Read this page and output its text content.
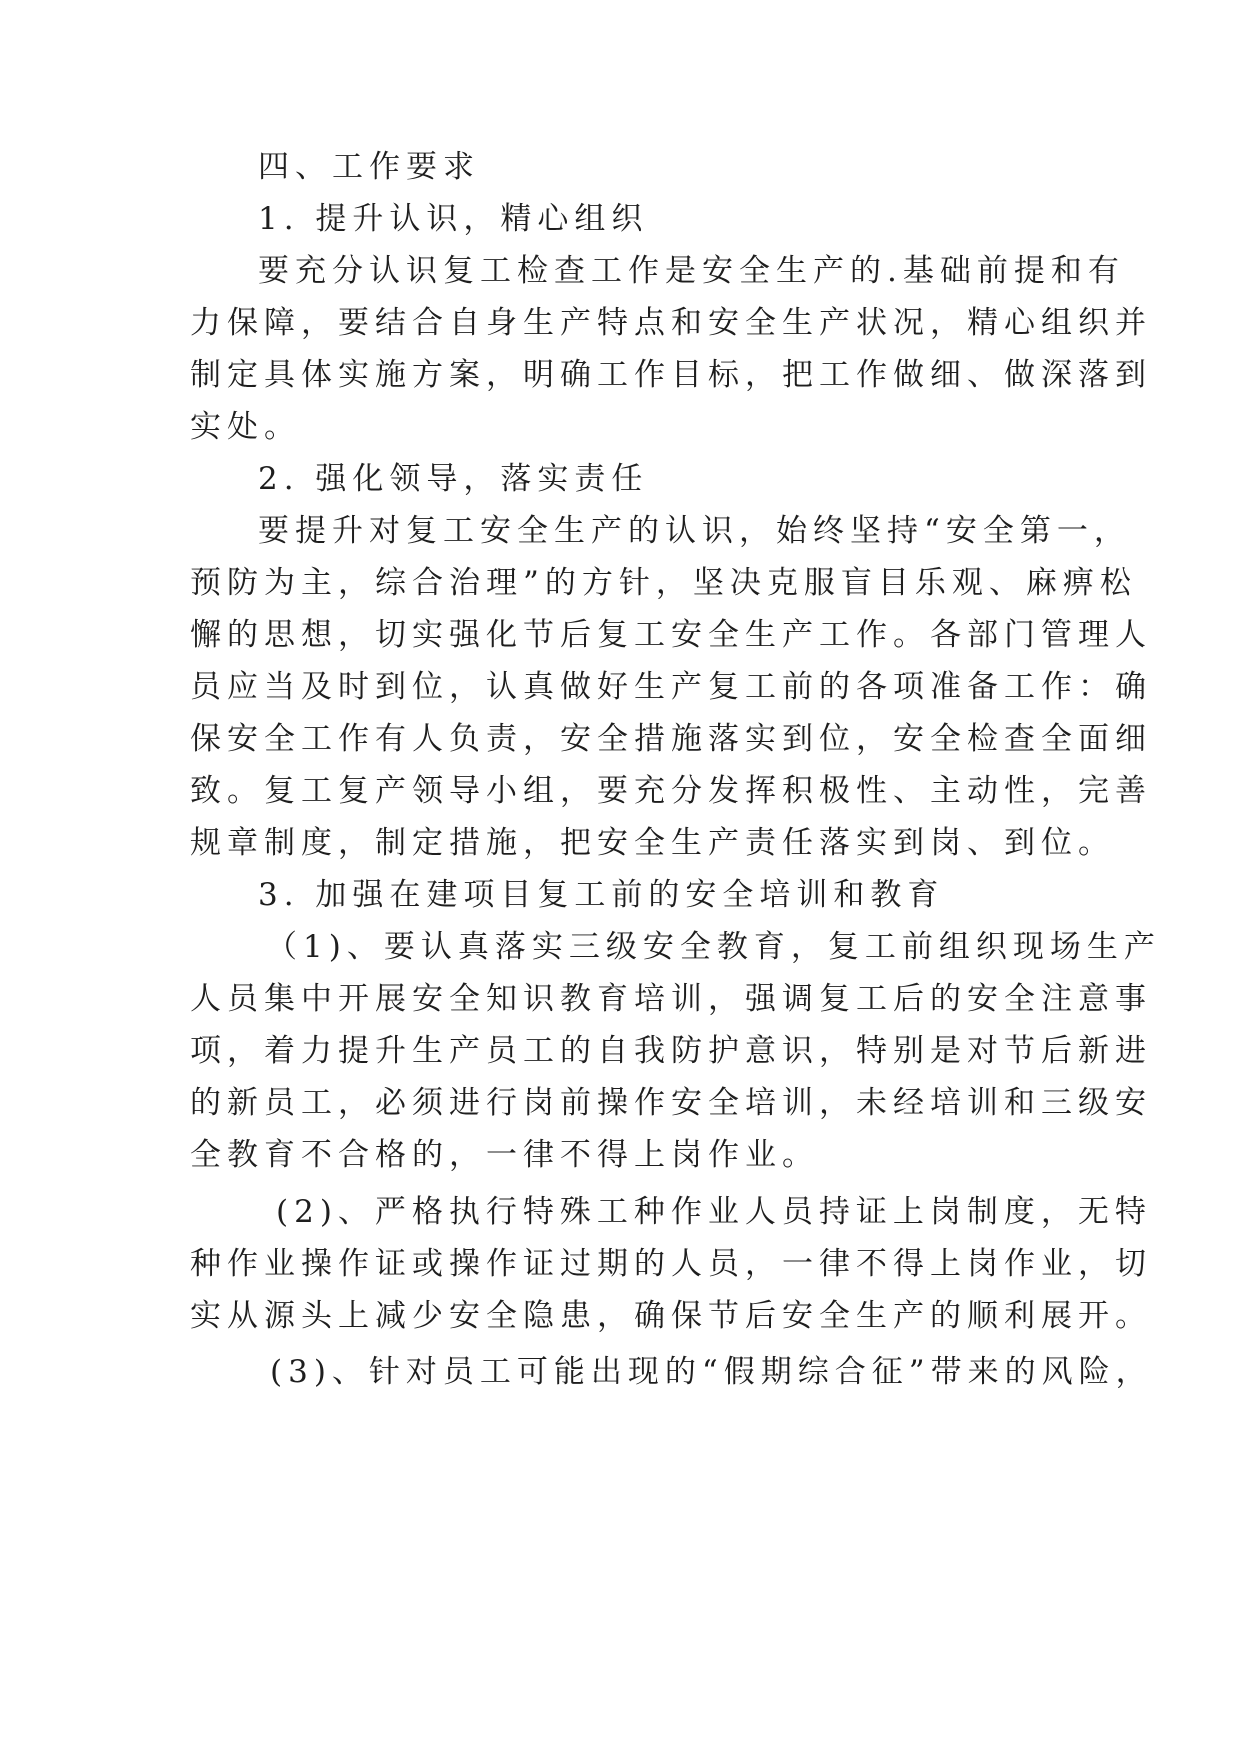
四、工作要求

1. 提升认识，精心组织

要充分认识复工检查工作是安全生产的.基础前提和有

力保障，要结合自身生产特点和安全生产状况，精心组织并

制定具体实施方案，明确工作目标，把工作做细、做深落到

实处。

2. 强化领导，落实责任

要提升对复工安全生产的认识，始终坚持“安全第一，

预防为主，综合治理”的方针，坚决克服盲目乐观、麻痹松

懈的思想，切实强化节后复工安全生产工作。各部门管理人

员应当及时到位，认真做好生产复工前的各项准备工作：确

保安全工作有人负责，安全措施落实到位，安全检查全面细

致。复工复产领导小组，要充分发挥积极性、主动性，完善

规章制度，制定措施，把安全生产责任落实到岗、到位。

3. 加强在建项目复工前的安全培训和教育

（1)、要认真落实三级安全教育，复工前组织现场生产

人员集中开展安全知识教育培训，强调复工后的安全注意事

项，着力提升生产员工的自我防护意识，特别是对节后新进

的新员工，必须进行岗前操作安全培训，未经培训和三级安

全教育不合格的，一律不得上岗作业。

(2)、严格执行特殊工种作业人员持证上岗制度，无特

种作业操作证或操作证过期的人员，一律不得上岗作业，切

实从源头上减少安全隐患，确保节后安全生产的顺利展开。

(3)、针对员工可能出现的“假期综合征”带来的风险，
